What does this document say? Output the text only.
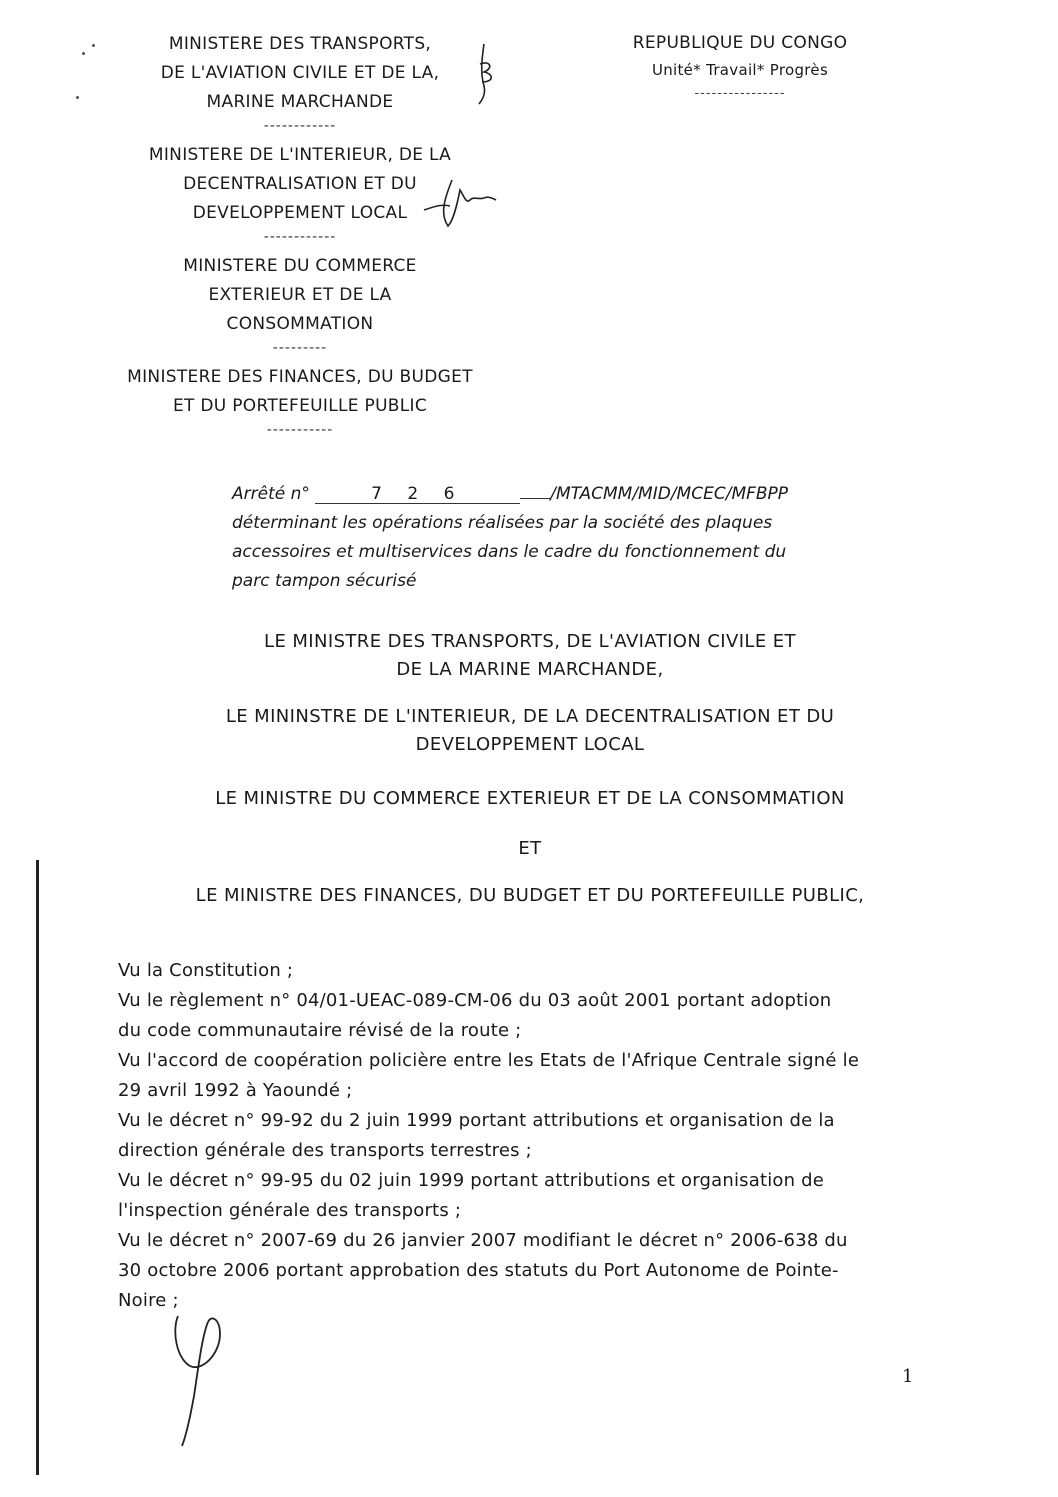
MINISTERE DES TRANSPORTS,
DE L'AVIATION CIVILE ET DE LA,
MARINE MARCHANDE
------------
MINISTERE DE L'INTERIEUR, DE LA
DECENTRALISATION ET DU
DEVELOPPEMENT LOCAL
------------
MINISTERE DU COMMERCE
EXTERIEUR ET DE LA
CONSOMMATION
---------
MINISTERE DES FINANCES, DU BUDGET
ET DU PORTEFEUILLE PUBLIC
-----------
REPUBLIQUE DU CONGO
Unité* Travail* Progrès
----------------
Arrêté n°	7 2 6	/MTACMM/MID/MCEC/MFBPP
déterminant les opérations réalisées par la société des plaques
accessoires et multiservices dans le cadre du fonctionnement du
parc tampon sécurisé
LE MINISTRE DES TRANSPORTS, DE L'AVIATION CIVILE ET
DE LA MARINE MARCHANDE,
LE MININSTRE DE L'INTERIEUR, DE LA DECENTRALISATION ET DU
DEVELOPPEMENT LOCAL
LE MINISTRE DU COMMERCE EXTERIEUR ET DE LA CONSOMMATION
ET
LE MINISTRE DES FINANCES, DU BUDGET ET DU PORTEFEUILLE PUBLIC,

Vu la Constitution ;

Vu le règlement n° 04/01-UEAC-089-CM-06 du 03 août 2001 portant adoption

du code communautaire révisé de la route ;

Vu l'accord de coopération policière entre les Etats de l'Afrique Centrale signé le

29 avril 1992 à Yaoundé ;

Vu le décret n° 99-92 du 2 juin 1999 portant attributions et organisation de la

direction générale des transports terrestres ;

Vu le décret n° 99-95 du 02 juin 1999 portant attributions et organisation de

l'inspection générale des transports ;

Vu le décret n° 2007-69 du 26 janvier 2007 modifiant le décret n° 2006-638 du

30 octobre 2006 portant approbation des statuts du Port Autonome de Pointe-

Noire ;

1
